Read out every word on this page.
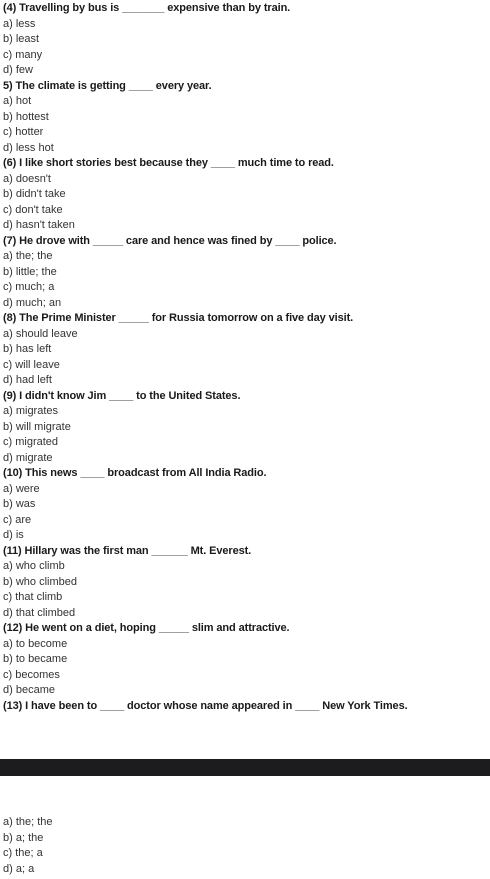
(4) Travelling by bus is _______ expensive than by train.
a) less
b) least
c) many
d) few
5) The climate is getting ____ every year.
a) hot
b) hottest
c) hotter
d) less hot
(6) I like short stories best because they ____ much time to read.
a) doesn't
b) didn't take
c) don't take
d) hasn't taken
(7) He drove with _____ care and hence was fined by ____ police.
a) the; the
b) little; the
c) much; a
d) much; an
(8) The Prime Minister _____ for Russia tomorrow on a five day visit.
a) should leave
b) has left
c) will leave
d) had left
(9) I didn't know Jim ____ to the United States.
a) migrates
b) will migrate
c) migrated
d) migrate
(10) This news ____ broadcast from All India Radio.
a) were
b) was
c) are
d) is
(11) Hillary was the first man ______ Mt. Everest.
a) who climb
b) who climbed
c) that climb
d) that climbed
(12) He went on a diet, hoping _____ slim and attractive.
a) to become
b) to became
c) becomes
d) became
(13) I have been to ____ doctor whose name appeared in ____ New York Times.
a) the; the
b) a; the
c) the; a
d) a; a
